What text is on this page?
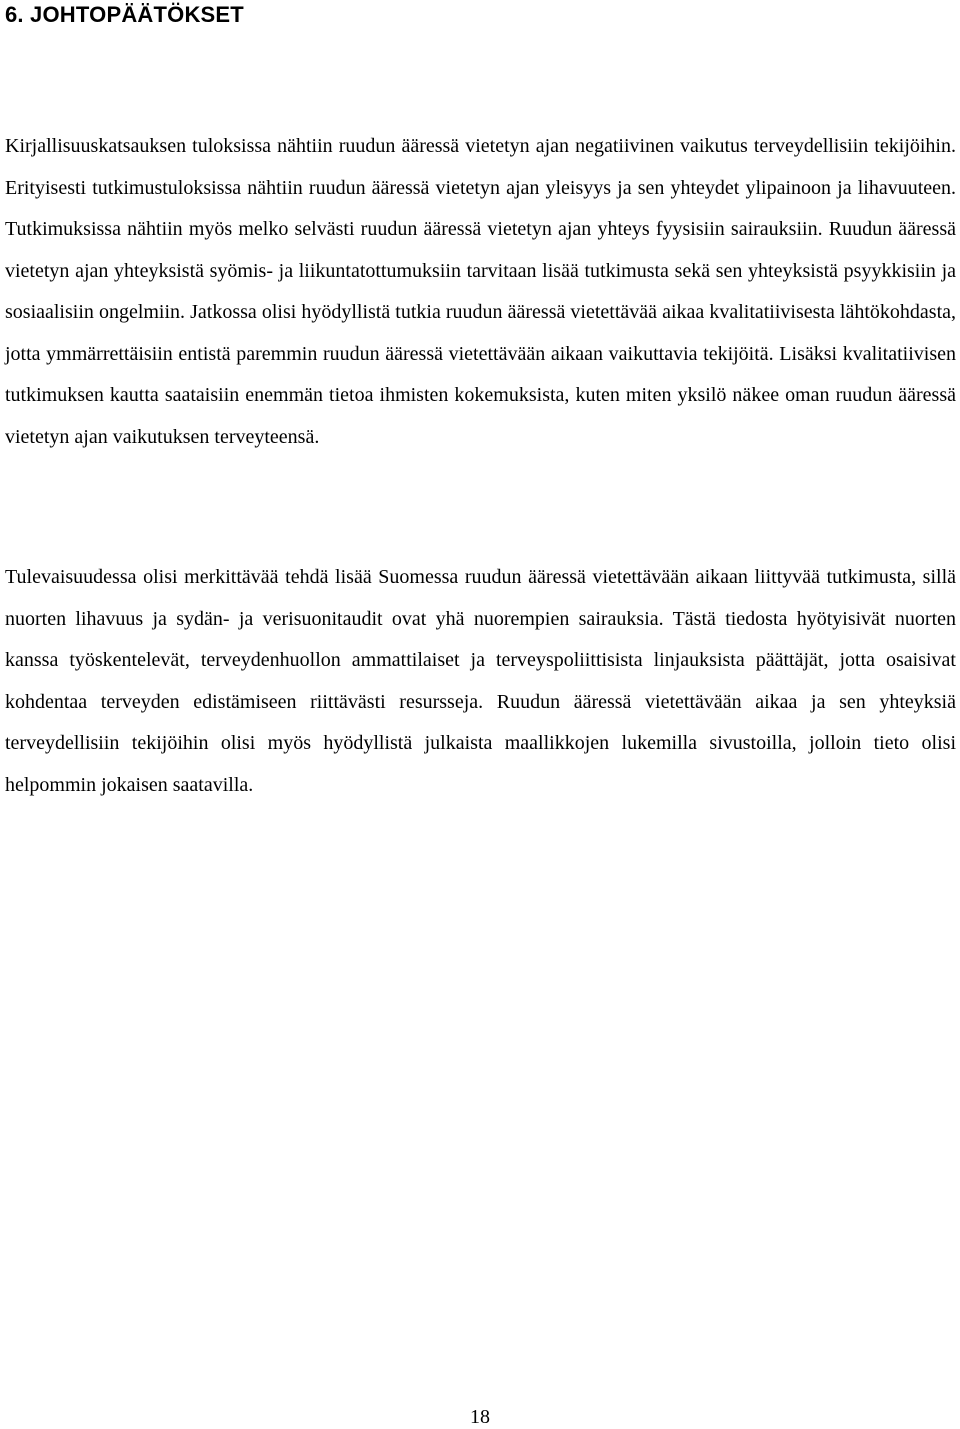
6. JOHTOPÄÄTÖKSET

Kirjallisuuskatsauksen tuloksissa nähtiin ruudun ääressä vietetyn ajan negatiivinen vaikutus terveydellisiin tekijöihin. Erityisesti tutkimustuloksissa nähtiin ruudun ääressä vietetyn ajan yleisyys ja sen yhteydet ylipainoon ja lihavuuteen. Tutkimuksissa nähtiin myös melko selvästi ruudun ääressä vietetyn ajan yhteys fyysisiin sairauksiin. Ruudun ääressä vietetyn ajan yhteyksistä syömis- ja liikuntatottumuksiin tarvitaan lisää tutkimusta sekä sen yhteyksistä psyykkisiin ja sosiaalisiin ongelmiin. Jatkossa olisi hyödyllistä tutkia ruudun ääressä vietettävää aikaa kvalitatiivisesta lähtökohdasta, jotta ymmärrettäisiin entistä paremmin ruudun ääressä vietettävään aikaan vaikuttavia tekijöitä. Lisäksi kvalitatiivisen tutkimuksen kautta saataisiin enemmän tietoa ihmisten kokemuksista, kuten miten yksilö näkee oman ruudun ääressä vietetyn ajan vaikutuksen terveyteensä.

Tulevaisuudessa olisi merkittävää tehdä lisää Suomessa ruudun ääressä vietettävään aikaan liittyvää tutkimusta, sillä nuorten lihavuus ja sydän- ja verisuonitaudit ovat yhä nuorempien sairauksia. Tästä tiedosta hyötyisivät nuorten kanssa työskentelevät, terveydenhuollon ammattilaiset ja terveyspoliittisista linjauksista päättäjät, jotta osaisivat kohdentaa terveyden edistämiseen riittävästi resursseja. Ruudun ääressä vietettävään aikaa ja sen yhteyksiä terveydellisiin tekijöihin olisi myös hyödyllistä julkaista maallikkojen lukemilla sivustoilla, jolloin tieto olisi helpommin jokaisen saatavilla.

18
